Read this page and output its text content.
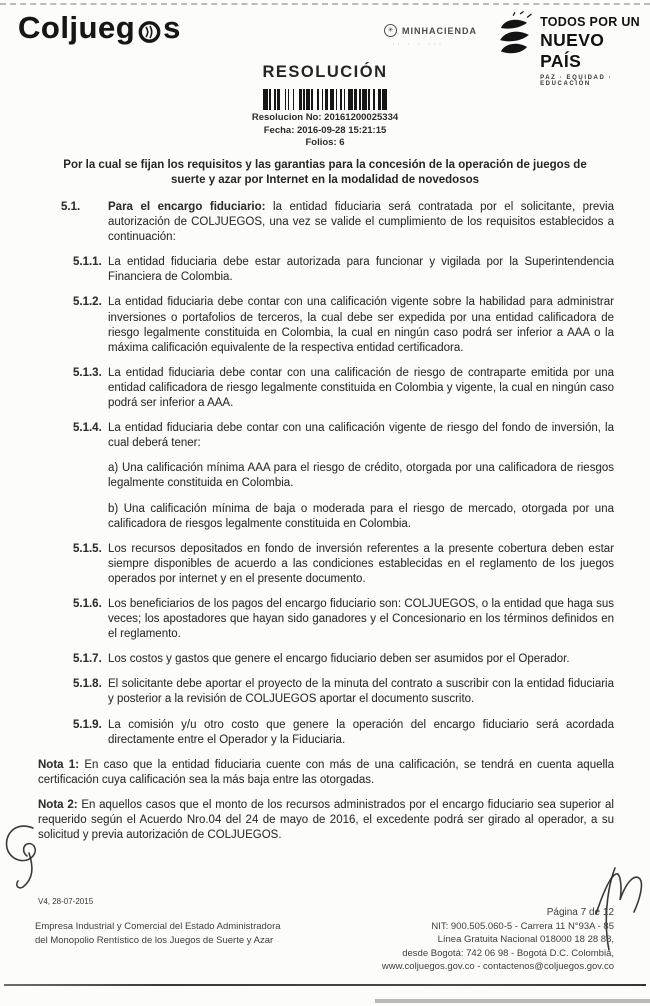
Coljueg s	✳ MINHACIENDA
·· · · ···
TODOS POR UN
NUEVO PAÍS
PAZ · EQUIDAD · EDUCACIÓN
RESOLUCIÓN
Resolucion No: 20161200025334
Fecha: 2016-09-28 15:21:15
Folios: 6
Por la cual se fijan los requisitos y las garantias para la concesión de la operación de juegos de suerte y azar por Internet en la modalidad de novedosos
5.1.	Para el encargo fiduciario: la entidad fiduciaria será contratada por el solicitante, previa autorización de COLJUEGOS, una vez se valide el cumplimiento de los requisitos establecidos a continuación:
5.1.1. La entidad fiduciaria debe estar autorizada para funcionar y vigilada por la Superintendencia Financiera de Colombia.
5.1.2. La entidad fiduciaria debe contar con una calificación vigente sobre la habilidad para administrar inversiones o portafolios de terceros, la cual debe ser expedida por una entidad calificadora de riesgo legalmente constituida en Colombia, la cual en ningún caso podrá ser inferior a AAA o la máxima calificación equivalente de la respectiva entidad certificadora.
5.1.3. La entidad fiduciaria debe contar con una calificación de riesgo de contraparte emitida por una entidad calificadora de riesgo legalmente constituida en Colombia y vigente, la cual en ningún caso podrá ser inferior a AAA.
5.1.4. La entidad fiduciaria debe contar con una calificación vigente de riesgo del fondo de inversión, la cual deberá tener:
a) Una calificación mínima AAA para el riesgo de crédito, otorgada por una calificadora de riesgos legalmente constituida en Colombia.
b) Una calificación mínima de baja o moderada para el riesgo de mercado, otorgada por una calificadora de riesgos legalmente constituida en Colombia.
5.1.5. Los recursos depositados en fondo de inversión referentes a la presente cobertura deben estar siempre disponibles de acuerdo a las condiciones establecidas en el reglamento de los juegos operados por internet y en el presente documento.
5.1.6. Los beneficiarios de los pagos del encargo fiduciario son: COLJUEGOS, o la entidad que haga sus veces; los apostadores que hayan sido ganadores y el Concesionario en los términos definidos en el reglamento.
5.1.7. Los costos y gastos que genere el encargo fiduciario deben ser asumidos por el Operador.
5.1.8. El solicitante debe aportar el proyecto de la minuta del contrato a suscribir con la entidad fiduciaria y posterior a la revisión de COLJUEGOS aportar el documento suscrito.
5.1.9. La comisión y/u otro costo que genere la operación del encargo fiduciario será acordada directamente entre el Operador y la Fiduciaria.
Nota 1: En caso que la entidad fiduciaria cuente con más de una calificación, se tendrá en cuenta aquella certificación cuya calificación sea la más baja entre las otorgadas.
Nota 2: En aquellos casos que el monto de los recursos administrados por el encargo fiduciario sea superior al requerido según el Acuerdo Nro.04 del 24 de mayo de 2016, el excedente podrá ser girado al operador, a su solicitud y previa autorización de COLJUEGOS.
V4, 28-07-2015
Empresa Industrial y Comercial del Estado Administradora
del Monopolio Rentístico de los Juegos de Suerte y Azar
Página 7 de 12
NIT: 900.505.060-5 - Carrera 11 N°93A - 85
Línea Gratuita Nacional 018000 18 28 88,
desde Bogotá: 742 06 98 - Bogotá D.C. Colombia,
www.coljuegos.gov.co - contactenos@coljuegos.gov.co
